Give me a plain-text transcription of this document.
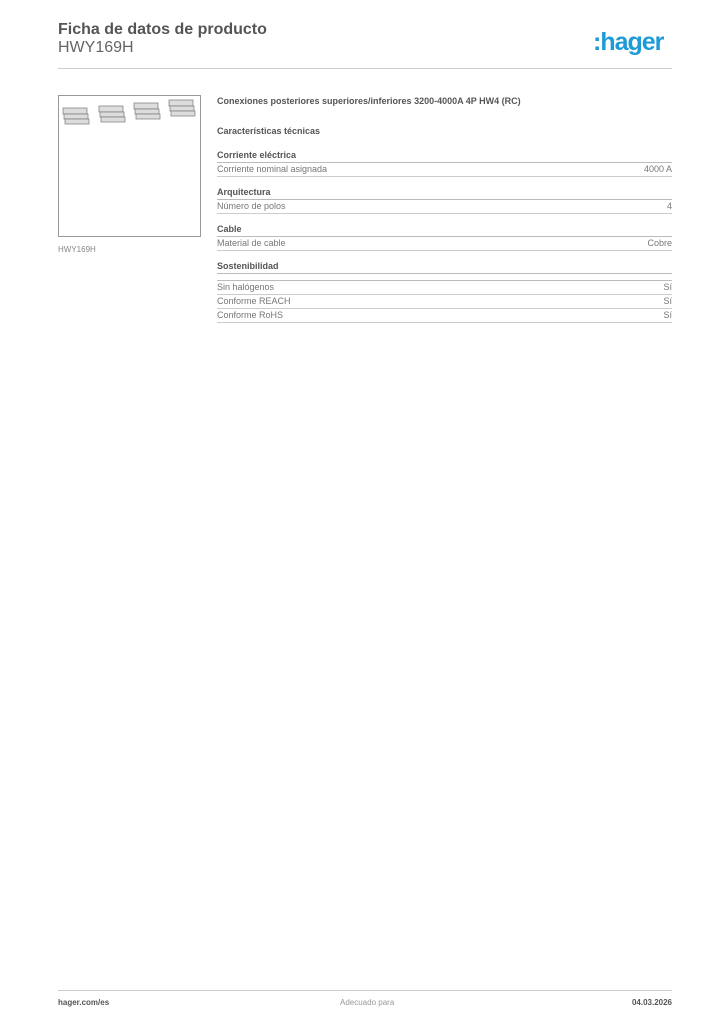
Ficha de datos de producto
HWY169H	:hager
HWY169H
Conexiones posteriores superiores/inferiores 3200-4000A 4P HW4 (RC)
Características técnicas
Corriente eléctrica
Corriente nominal asignada	4000 A
Arquitectura
Número de polos	4
Cable
Material de cable	Cobre
Sostenibilidad
Sin halógenos	Sí
Conforme REACH	Sí
Conforme RoHS	Sí
hager.com/es	Adecuado para	04.03.2026
